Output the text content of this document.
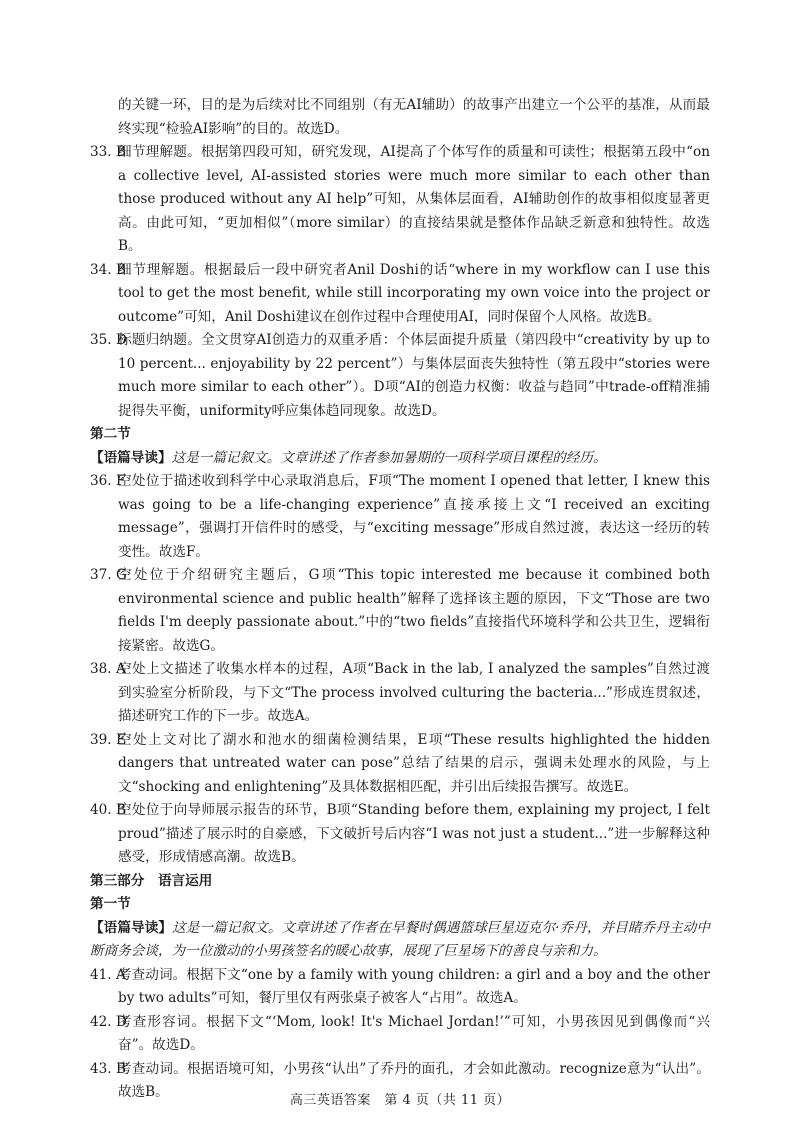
的关键一环，目的是为后续对比不同组别（有无AI辅助）的故事产出建立一个公平的基准，从而最终实现“检验AI影响”的目的。故选D。

33. B
细节理解题。根据第四段可知，研究发现，AI提高了个体写作的质量和可读性；根据第五段中“on a collective level, AI-assisted stories were much more similar to each other than those produced without any AI help”可知，从集体层面看，AI辅助创作的故事相似度显著更高。由此可知，“更加相似”（more similar）的直接结果就是整体作品缺乏新意和独特性。故选B。

34. B
细节理解题。根据最后一段中研究者Anil Doshi的话“where in my workflow can I use this tool to get the most benefit, while still incorporating my own voice into the project or outcome”可知，Anil Doshi建议在创作过程中合理使用AI，同时保留个人风格。故选B。

35. D
标题归纳题。全文贯穿AI创造力的双重矛盾：个体层面提升质量（第四段中“creativity by up to 10 percent... enjoyability by 22 percent”）与集体层面丧失独特性（第五段中“stories were much more similar to each other”）。D项“AI的创造力权衡：收益与趋同”中trade-off精准捕捉得失平衡，uniformity呼应集体趋同现象。故选D。

第二节

【语篇导读】这是一篇记叙文。文章讲述了作者参加暑期的一项科学项目课程的经历。

36. F
空处位于描述收到科学中心录取消息后，F项“The moment I opened that letter, I knew this was going to be a life-changing experience”直接承接上文“I received an exciting message”，强调打开信件时的感受，与“exciting message”形成自然过渡，表达这一经历的转变性。故选F。

37. G
空处位于介绍研究主题后，G项“This topic interested me because it combined both environmental science and public health”解释了选择该主题的原因，下文“Those are two fields I'm deeply passionate about.”中的“two fields”直接指代环境科学和公共卫生，逻辑衔接紧密。故选G。

38. A
空处上文描述了收集水样本的过程，A项“Back in the lab, I analyzed the samples”自然过渡到实验室分析阶段，与下文“The process involved culturing the bacteria...”形成连贯叙述，描述研究工作的下一步。故选A。

39. E
空处上文对比了湖水和池水的细菌检测结果，E项“These results highlighted the hidden dangers that untreated water can pose”总结了结果的启示，强调未处理水的风险，与上文“shocking and enlightening”及具体数据相匹配，并引出后续报告撰写。故选E。

40. B
空处位于向导师展示报告的环节，B项“Standing before them, explaining my project, I felt proud”描述了展示时的自豪感，下文破折号后内容“I was not just a student...”进一步解释这种感受，形成情感高潮。故选B。

第三部分　语言运用

第一节

【语篇导读】这是一篇记叙文。文章讲述了作者在早餐时偶遇篮球巨星迈克尔·乔丹，并目睹乔丹主动中断商务会谈，为一位激动的小男孩签名的暖心故事，展现了巨星场下的善良与亲和力。

41. A
考查动词。根据下文“one by a family with young children: a girl and a boy and the other by two adults”可知，餐厅里仅有两张桌子被客人“占用”。故选A。

42. D
考查形容词。根据下文“‘Mom, look! It's Michael Jordan!’”可知，小男孩因见到偶像而“兴奋”。故选D。

43. B
考查动词。根据语境可知，小男孩“认出”了乔丹的面孔，才会如此激动。recognize意为“认出”。故选B。

高三英语答案　第 4 页（共 11 页）
